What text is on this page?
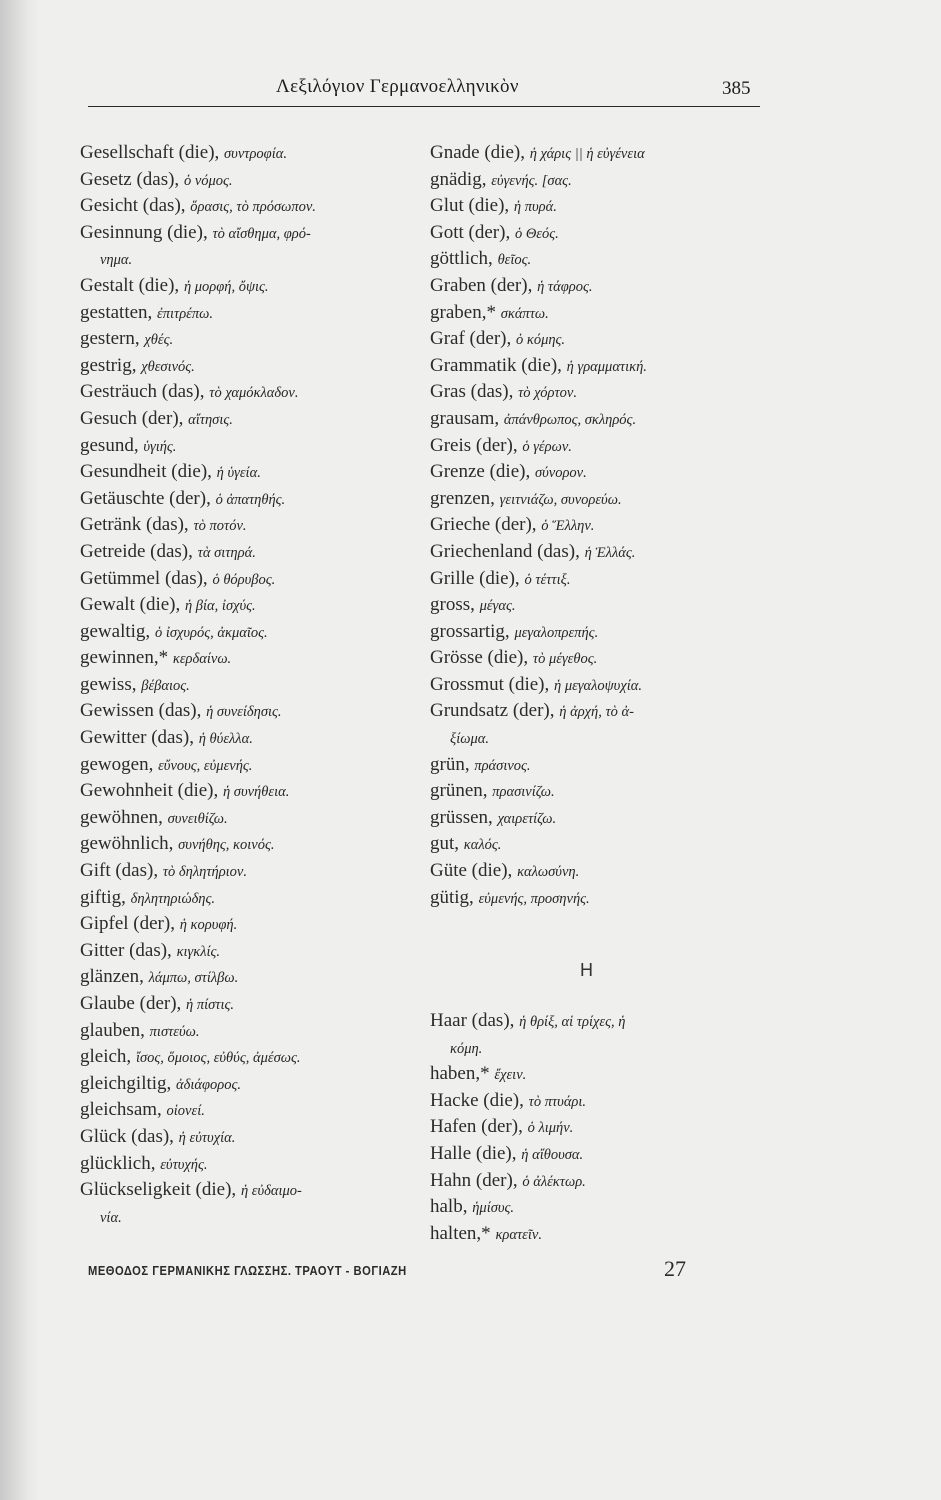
Λεξιλόγιον Γερμανοελληνικὸν	385
Gesellschaft (die), συντροφία.
Gesetz (das), ὁ νόμος.
Gesicht (das), ὅρασις, τὸ πρόσωπον.
Gesinnung (die), τὸ αἴσθημα, φρό-
νημα.
Gestalt (die), ἡ μορφή, ὄψις.
gestatten, ἐπιτρέπω.
gestern, χθές.
gestrig, χθεσινός.
Gesträuch (das), τὸ χαμόκλαδον.
Gesuch (der), αἴτησις.
gesund, ὑγιής.
Gesundheit (die), ἡ ὑγεία.
Getäuschte (der), ὁ ἀπατηθής.
Getränk (das), τὸ ποτόν.
Getreide (das), τὰ σιτηρά.
Getümmel (das), ὁ θόρυβος.
Gewalt (die), ἡ βία, ἰσχύς.
gewaltig, ὁ ἰσχυρός, ἀκμαῖος.
gewinnen,* κερδαίνω.
gewiss, βέβαιος.
Gewissen (das), ἡ συνείδησις.
Gewitter (das), ἡ θύελλα.
gewogen, εὔνους, εὐμενής.
Gewohnheit (die), ἡ συνήθεια.
gewöhnen, συνειθίζω.
gewöhnlich, συνήθης, κοινός.
Gift (das), τὸ δηλητήριον.
giftig, δηλητηριώδης.
Gipfel (der), ἡ κορυφή.
Gitter (das), κιγκλίς.
glänzen, λάμπω, στίλβω.
Glaube (der), ἡ πίστις.
glauben, πιστεύω.
gleich, ἴσος, ὅμοιος, εὐθύς, ἀμέσως.
gleichgiltig, ἀδιάφορος.
gleichsam, οἱονεί.
Glück (das), ἡ εὐτυχία.
glücklich, εὐτυχής.
Glückseligkeit (die), ἡ εὐδαιμο-
νία.
Gnade (die), ἡ χάρις || ἡ εὐγένεια
gnädig, εὐγενής. [σας.
Glut (die), ἡ πυρά.
Gott (der), ὁ Θεός.
göttlich, θεῖος.
Graben (der), ἡ τάφρος.
graben,* σκάπτω.
Graf (der), ὁ κόμης.
Grammatik (die), ἡ γραμματική.
Gras (das), τὸ χόρτον.
grausam, ἀπάνθρωπος, σκληρός.
Greis (der), ὁ γέρων.
Grenze (die), σύνορον.
grenzen, γειτνιάζω, συνορεύω.
Grieche (der), ὁ Ἕλλην.
Griechenland (das), ἡ Ἑλλάς.
Grille (die), ὁ τέττιξ.
gross, μέγας.
grossartig, μεγαλοπρεπής.
Grösse (die), τὸ μέγεθος.
Grossmut (die), ἡ μεγαλοψυχία.
Grundsatz (der), ἡ ἀρχή, τὸ ἀ-
ξίωμα.
grün, πράσινος.
grünen, πρασινίζω.
grüssen, χαιρετίζω.
gut, καλός.
Güte (die), καλωσύνη.
gütig, εὐμενής, προσηνής.
H
Haar (das), ἡ θρίξ, αἱ τρίχες, ἡ
κόμη.
haben,* ἔχειν.
Hacke (die), τὸ πτυάρι.
Hafen (der), ὁ λιμήν.
Halle (die), ἡ αἴθουσα.
Hahn (der), ὁ ἀλέκτωρ.
halb, ἡμίσυς.
halten,* κρατεῖν.
ΜΕΘΟΔΟΣ ΓΕΡΜΑΝΙΚΗΣ ΓΛΩΣΣΗΣ. ΤΡΑΟΥΤ - ΒΟΓΙΑΖΗ	27
